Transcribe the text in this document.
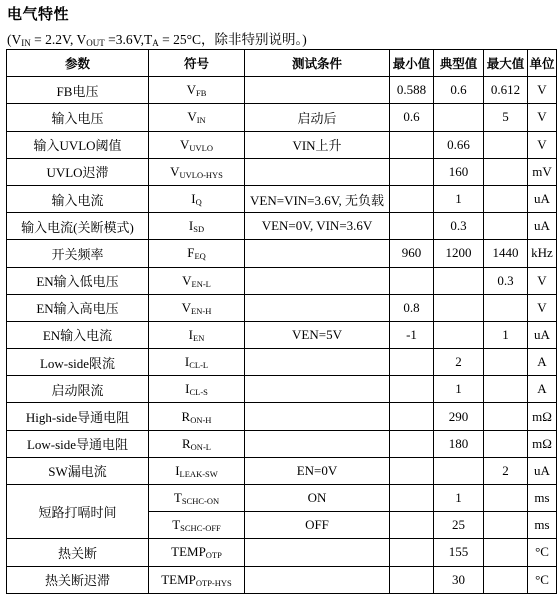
电气特性
($V_{IN} = 2.2V$, $V_{OUT} =3.6V,T_A = 25^\circ C$，除非特别说明。)
参数	符号	测试条件	最小值	典型值	最大值	单位
FB电压	VFB		0.588	0.6	0.612	V
输入电压	VIN	启动后	0.6		5	V
输入UVLO阈值	VUVLO	VIN上升		0.66		V
UVLO迟滞	VUVLO-HYS			160		mV
输入电流	IQ	VEN=VIN=3.6V, 无负载		1		uA
输入电流(关断模式)	ISD	VEN=0V, VIN=3.6V		0.3		uA
开关频率	FEQ		960	1200	1440	kHz
EN输入低电压	VEN-L				0.3	V
EN输入高电压	VEN-H		0.8			V
EN输入电流	IEN	VEN=5V	-1		1	uA
Low-side限流	ICL-L			2		A
启动限流	ICL-S			1		A
High-side导通电阻	RON-H			290		mΩ
Low-side导通电阻	RON-L			180		mΩ
SW漏电流	ILEAK-SW	EN=0V			2	uA
短路打嗝时间	TSCHC-ON	ON		1		ms
	TSCHC-OFF	OFF		25		ms
热关断	TEMPOTP			155		°C
热关断迟滞	TEMPOTP-HYS			30		°C
